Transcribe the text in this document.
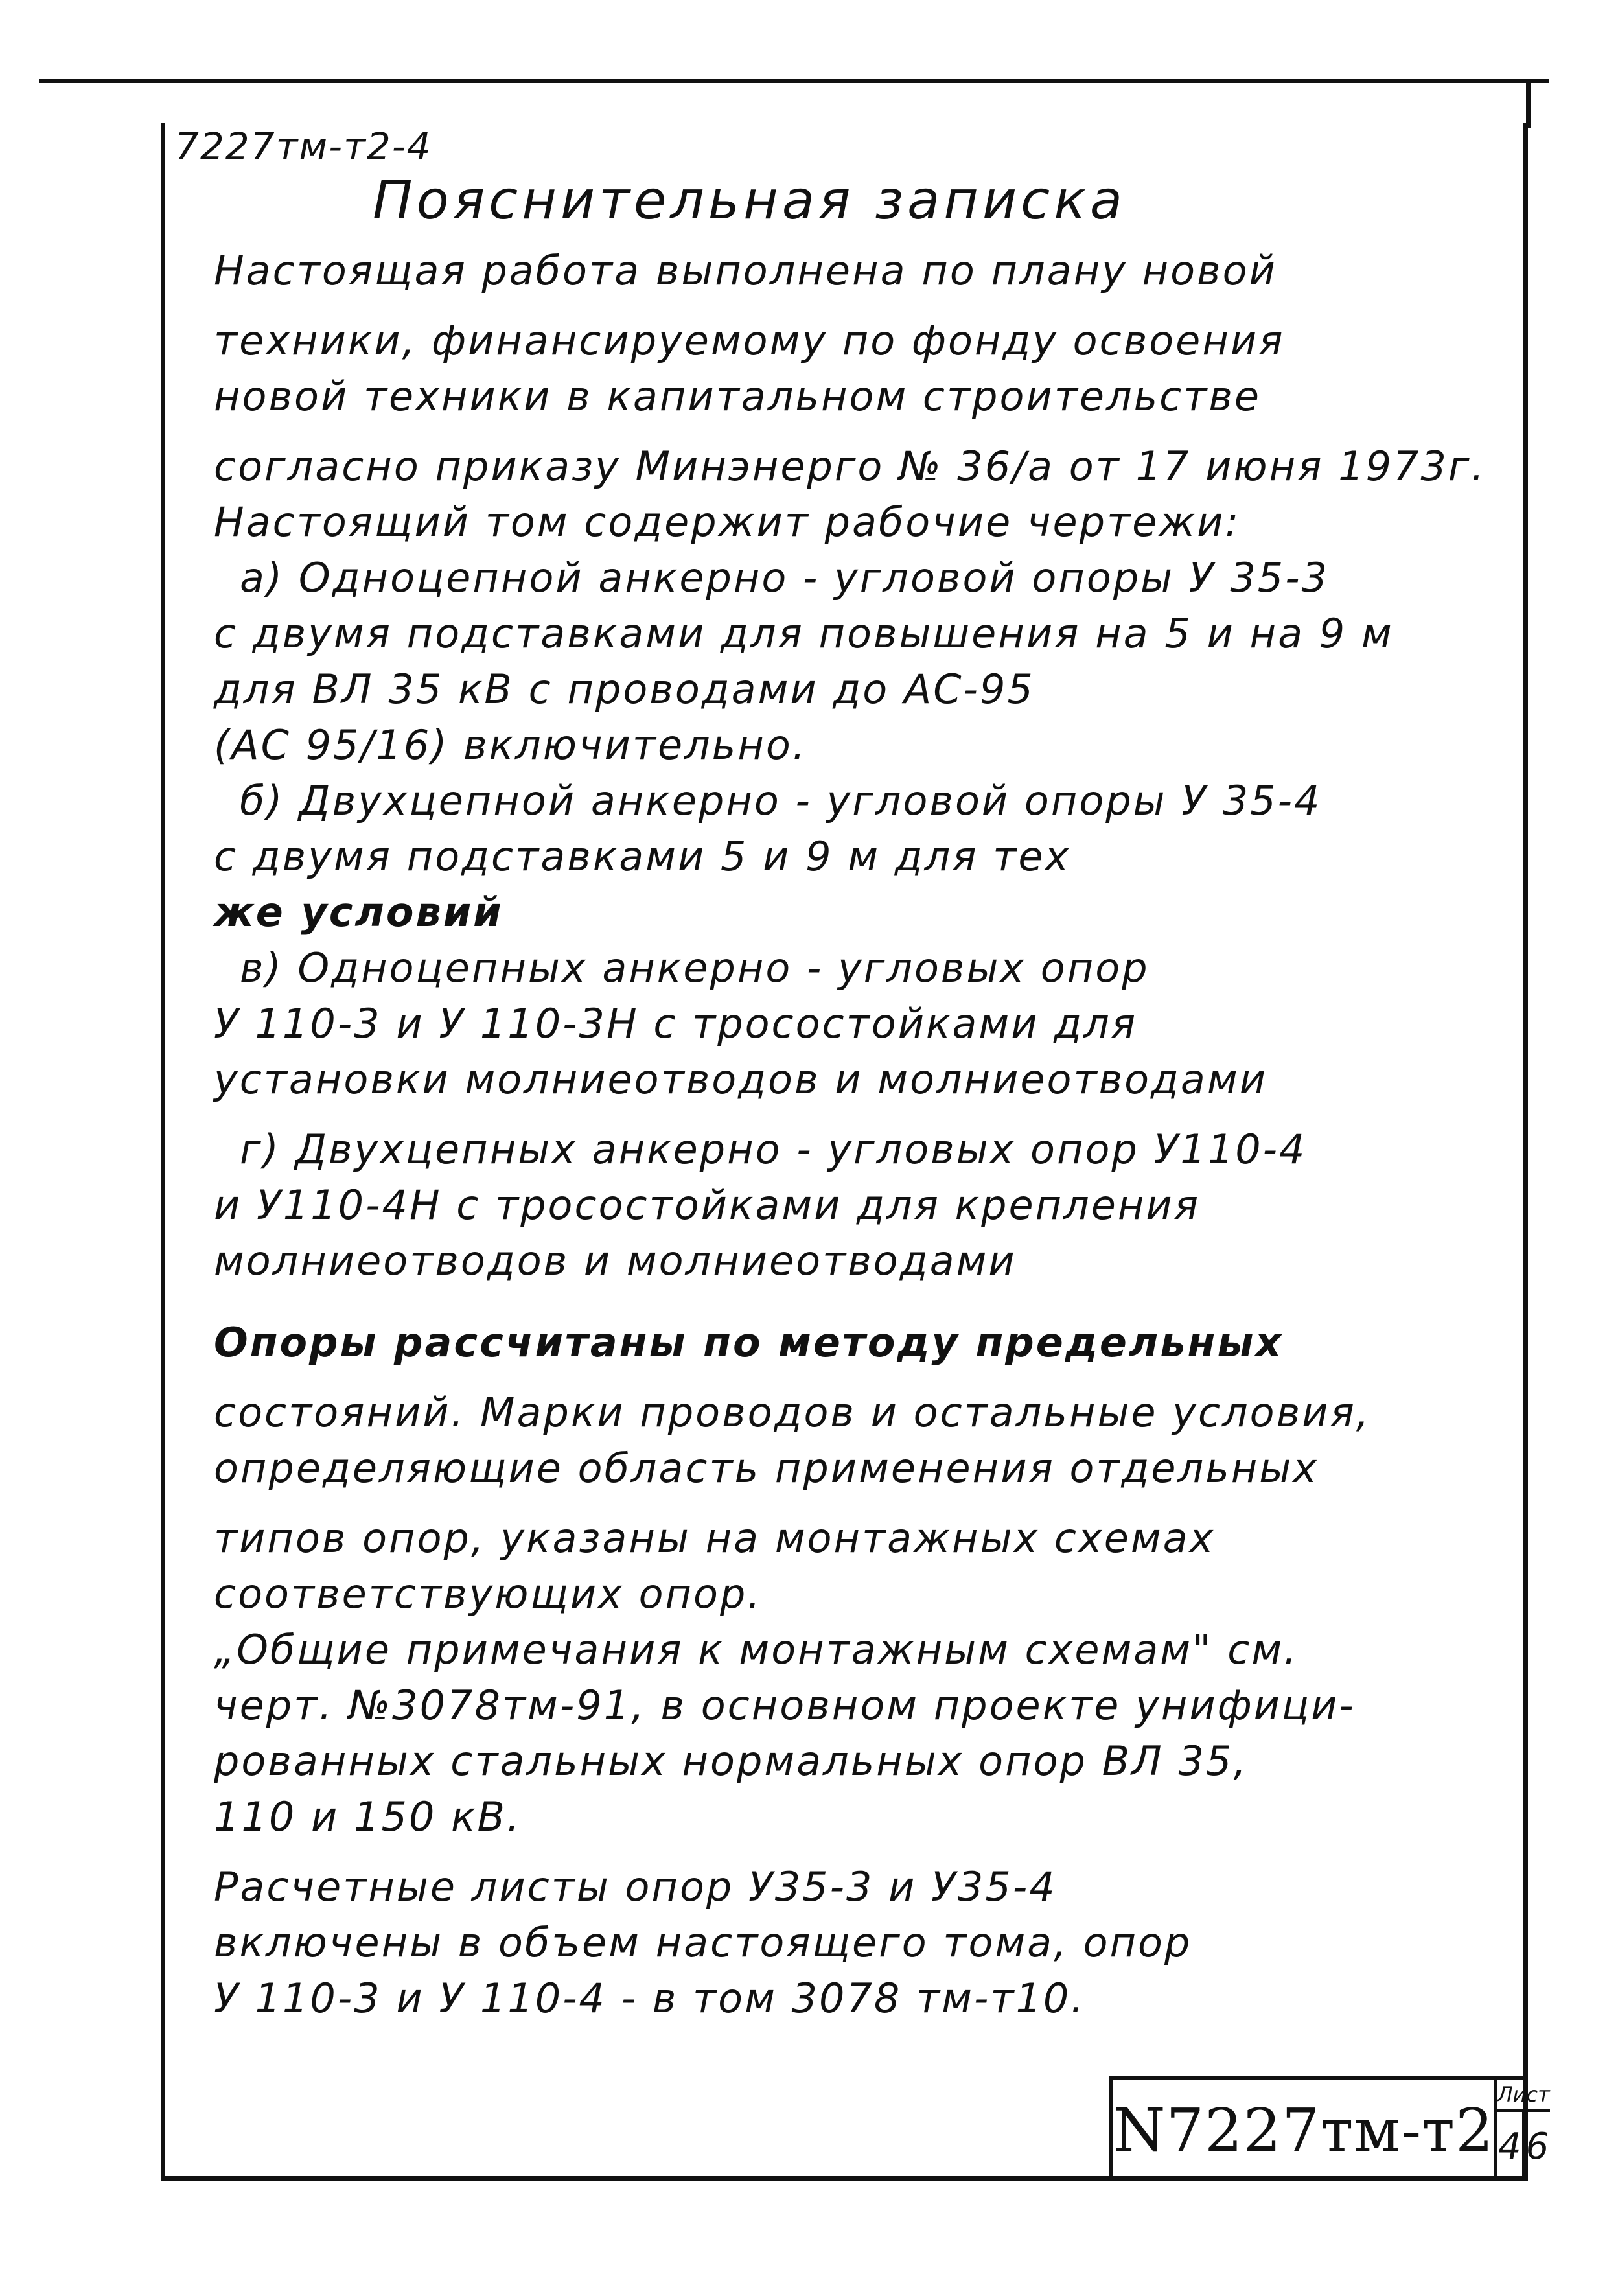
7227тм-т2-4
Пояснительная записка
Настоящая работа выполнена по плану новой
техники, финансируемому по фонду освоения
новой техники в капитальном строительстве
согласно приказу Минэнерго № 36/а от 17 июня 1973г.
Настоящий том содержит рабочие чертежи:
а) Одноцепной анкерно - угловой опоры У 35-3
с двумя подставками для повышения на 5 и на 9 м
для ВЛ 35 кВ с проводами до АС-95
(АС 95/16) включительно.
б) Двухцепной анкерно - угловой опоры У 35-4
с двумя подставками 5 и 9 м для тех
же условий
в) Одноцепных анкерно - угловых опор
У 110-3 и У 110-3Н с тросостойками для
установки молниеотводов и молниеотводами
г) Двухцепных анкерно - угловых опор У110-4
и У110-4Н с тросостойками для крепления
молниеотводов и молниеотводами
Опоры рассчитаны по методу предельных
состояний. Марки проводов и остальные условия,
определяющие область применения отдельных
типов опор, указаны на монтажных схемах
соответствующих опор.
„Общие примечания к монтажным схемам" см.
черт. №3078тм-91, в основном проекте унифици-
рованных стальных нормальных опор ВЛ 35,
110 и 150 кВ.
Расчетные листы опор У35-3 и У35-4
включены в объем настоящего тома, опор
У 110-3 и У 110-4 - в том 3078 тм-т10.
N7227тм-т2
Лист
4 6
